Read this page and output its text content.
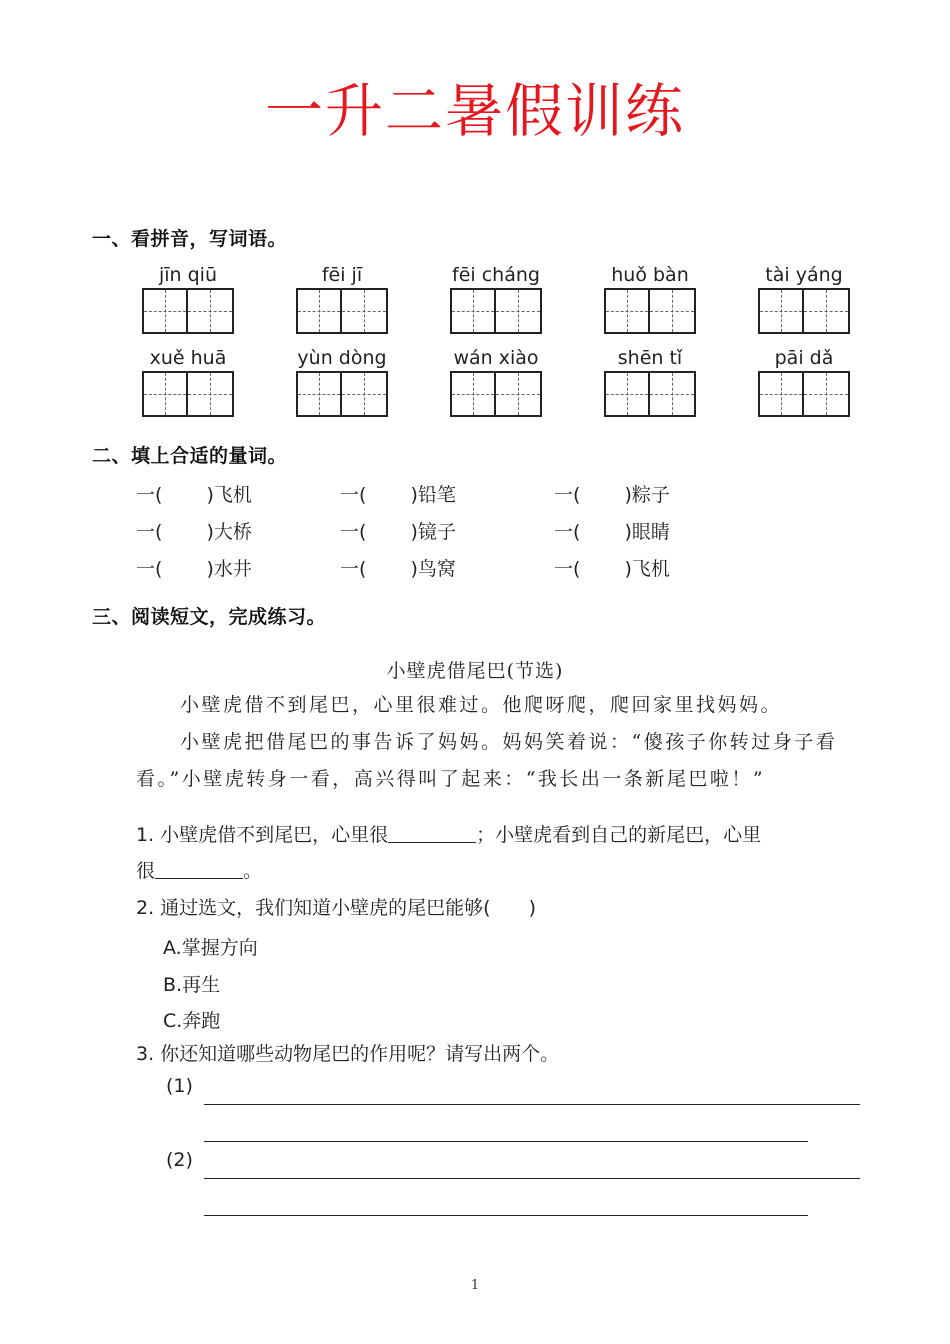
一升二暑假训练
一、看拼音，写词语。
jīn qiū	fēi jī	fēi cháng	huǒ bàn	tài yáng
xuě huā	yùn dòng	wán xiào	shēn tǐ	pāi dǎ
二、填上合适的量词。
一(　　 )飞机	一(　　 )铅笔	一(　　 )粽子
一(　　 )大桥	一(　　 )镜子	一(　　 )眼睛
一(　　 )水井	一(　　 )鸟窝	一(　　 )飞机
三、阅读短文，完成练习。
小壁虎借尾巴(节选)
小壁虎借不到尾巴，心里很难过。他爬呀爬，爬回家里找妈妈。
小壁虎把借尾巴的事告诉了妈妈。妈妈笑着说：“傻孩子你转过身子看看。”小壁虎转身一看，高兴得叫了起来：“我长出一条新尾巴啦！”
1. 小壁虎借不到尾巴，心里很	；小壁虎看到自己的新尾巴，心里
很	。
2. 通过选文，我们知道小壁虎的尾巴能够(　　)
A.掌握方向
B.再生
C.奔跑
3. 你还知道哪些动物尾巴的作用呢？请写出两个。
(1)
(2)
1
